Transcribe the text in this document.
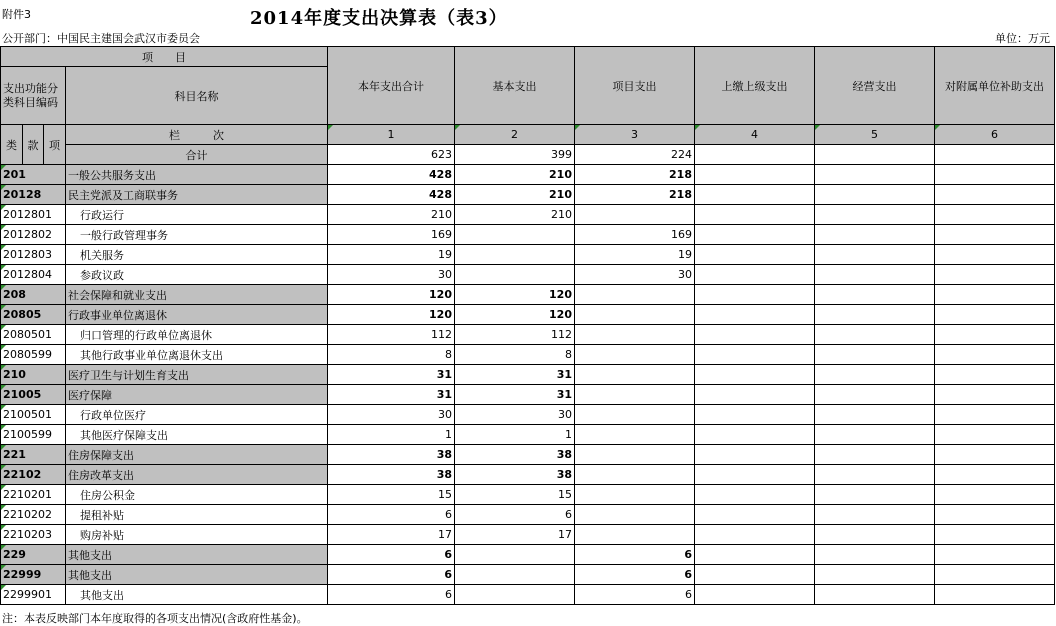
附件3	2014年度支出决算表（表3）
公开部门：中国民主建国会武汉市委员会	单位：万元
项　　目				本年支出合计	基本支出	项目支出	上缴上级支出	经营支出	对附属单位补助支出
支出功能分类科目编码			科目名称						
类	款	项	栏　　　次	1	2	3	4	5	6
			合计	623	399	224			
201			一般公共服务支出	428	210	218			
20128			民主党派及工商联事务	428	210	218			
2012801			行政运行	210	210				
2012802			一般行政管理事务	169		169			
2012803			机关服务	19		19			
2012804			参政议政	30		30			
208			社会保障和就业支出	120	120				
20805			行政事业单位离退休	120	120				
2080501			归口管理的行政单位离退休	112	112				
2080599			其他行政事业单位离退休支出	8	8				
210			医疗卫生与计划生育支出	31	31				
21005			医疗保障	31	31				
2100501			行政单位医疗	30	30				
2100599			其他医疗保障支出	1	1				
221			住房保障支出	38	38				
22102			住房改革支出	38	38				
2210201			住房公积金	15	15				
2210202			提租补贴	6	6				
2210203			购房补贴	17	17				
229			其他支出	6		6			
22999			其他支出	6		6			
2299901			其他支出	6		6			
注：本表反映部门本年度取得的各项支出情况(含政府性基金)。
